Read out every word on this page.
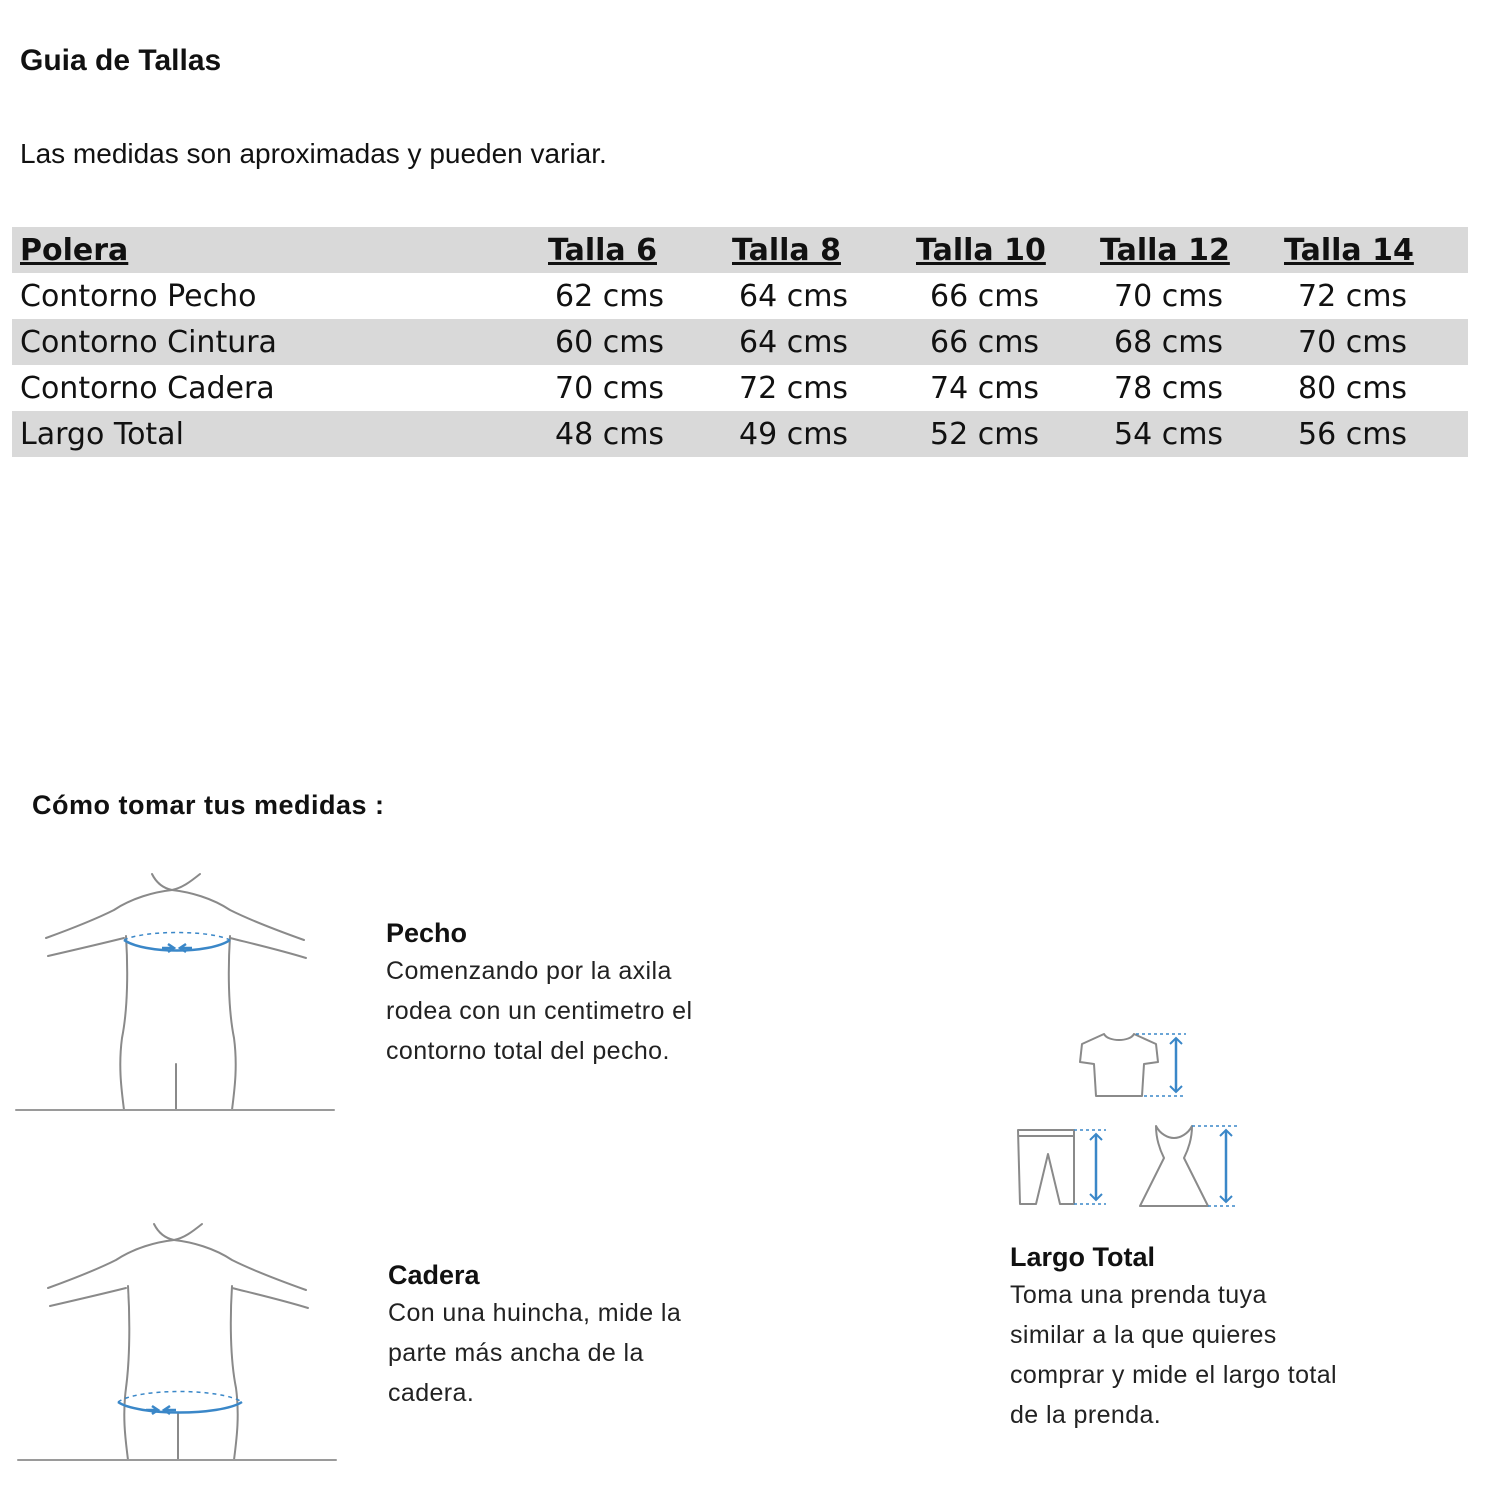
Guia de Tallas
Las medidas son aproximadas y pueden variar.
Polera	Talla 6	Talla 8	Talla 10	Talla 12	Talla 14
Contorno Pecho	62 cms	64 cms	66 cms	70 cms	72 cms
Contorno Cintura	60 cms	64 cms	66 cms	68 cms	70 cms
Contorno Cadera	70 cms	72 cms	74 cms	78 cms	80 cms
Largo Total	48 cms	49 cms	52 cms	54 cms	56 cms
Cómo tomar tus medidas :
Pecho
Comenzando por la axila
rodea con un centimetro el
contorno total del pecho.
Cadera
Con una huincha, mide la
parte más ancha de la
cadera.
Largo Total
Toma una prenda tuya
similar a la que quieres
comprar y mide el largo total
de la prenda.
